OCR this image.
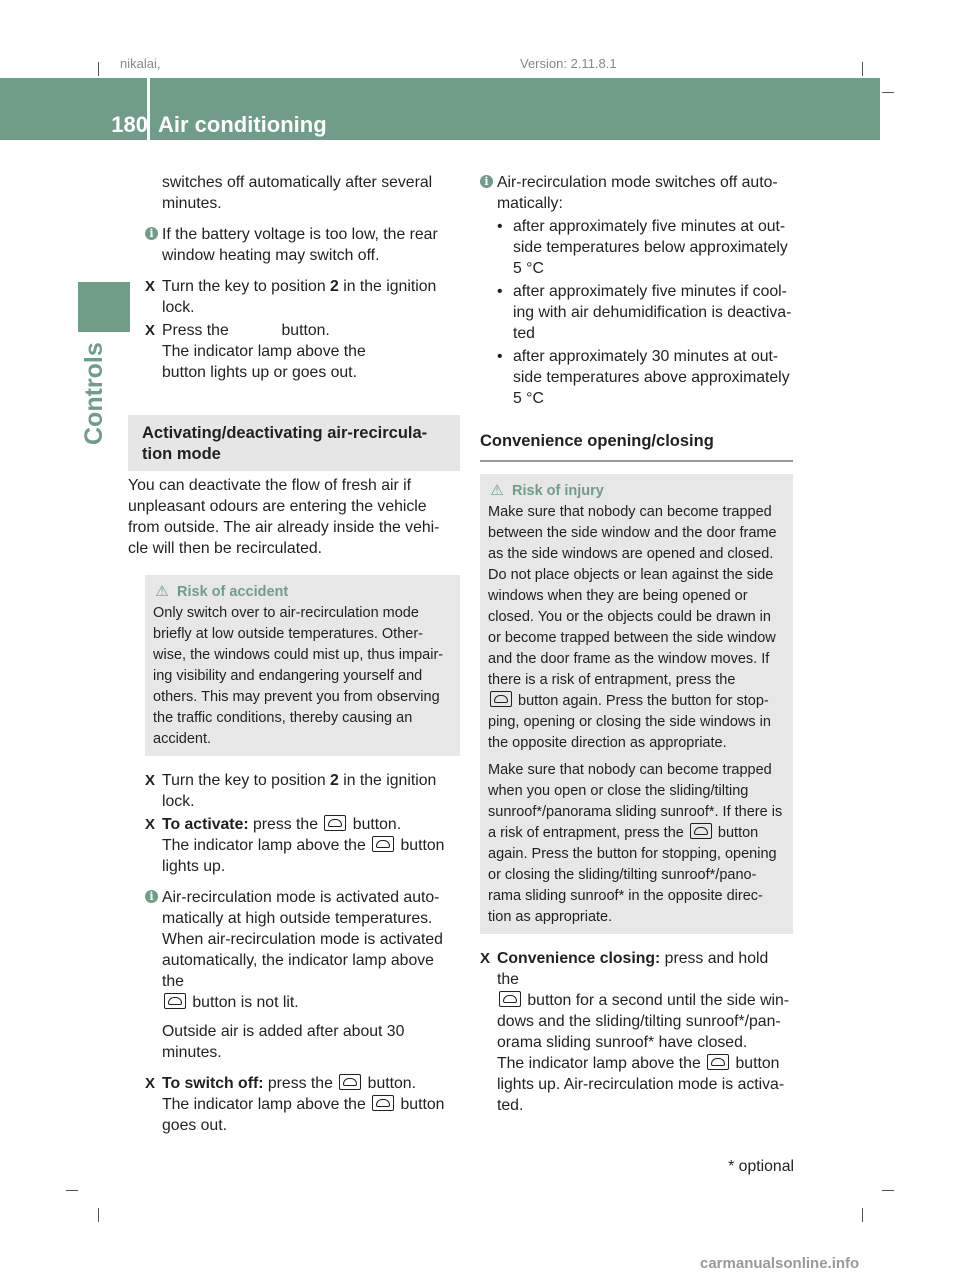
nikalai,	Version: 2.11.8.1
180 Air conditioning
Controls

switches off automatically after several minutes.

i If the battery voltage is too low, the rear window heating may switch off.
X Turn the key to position 2 in the ignition lock.
X Press the	button.
The indicator lamp above the  button lights up or goes out.
Activating/deactivating air-recircula- tion mode

You can deactivate the flow of fresh air if unpleasant odours are entering the vehicle from outside. The air already inside the vehi- cle will then be recirculated.

⚠ Risk of accident
Only switch over to air-recirculation mode briefly at low outside temperatures. Other- wise, the windows could mist up, thus impair- ing visibility and endangering yourself and others. This may prevent you from observing the traffic conditions, thereby causing an accident.
X Turn the key to position 2 in the ignition lock.
X To activate: press the button.
The indicator lamp above the button lights up.
i Air-recirculation mode is activated auto- matically at high outside temperatures. When air-recirculation mode is activated automatically, the indicator lamp above the
button is not lit.
Outside air is added after about 30 minutes.
X To switch off: press the button.
The indicator lamp above the button goes out.
i Air-recirculation mode switches off auto- matically:
• after approximately five minutes at out- side temperatures below approximately 5 °C
• after approximately five minutes if cool- ing with air dehumidification is deactiva- ted
• after approximately 30 minutes at out- side temperatures above approximately 5 °C
Convenience opening/closing
⚠ Risk of injury
Make sure that nobody can become trapped between the side window and the door frame as the side windows are opened and closed. Do not place objects or lean against the side windows when they are being opened or closed. You or the objects could be drawn in or become trapped between the side window and the door frame as the window moves. If there is a risk of entrapment, press the
button again. Press the button for stop- ping, opening or closing the side windows in the opposite direction as appropriate.
Make sure that nobody can become trapped when you open or close the sliding/tilting sunroof*/panorama sliding sunroof*. If there is a risk of entrapment, press the button again. Press the button for stopping, opening or closing the sliding/tilting sunroof*/pano- rama sliding sunroof* in the opposite direc- tion as appropriate.
X Convenience closing: press and hold the
button for a second until the side win- dows and the sliding/tilting sunroof*/pan- orama sliding sunroof* have closed.
The indicator lamp above the button lights up. Air-recirculation mode is activa- ted.
* optional
carmanualsonline.info
